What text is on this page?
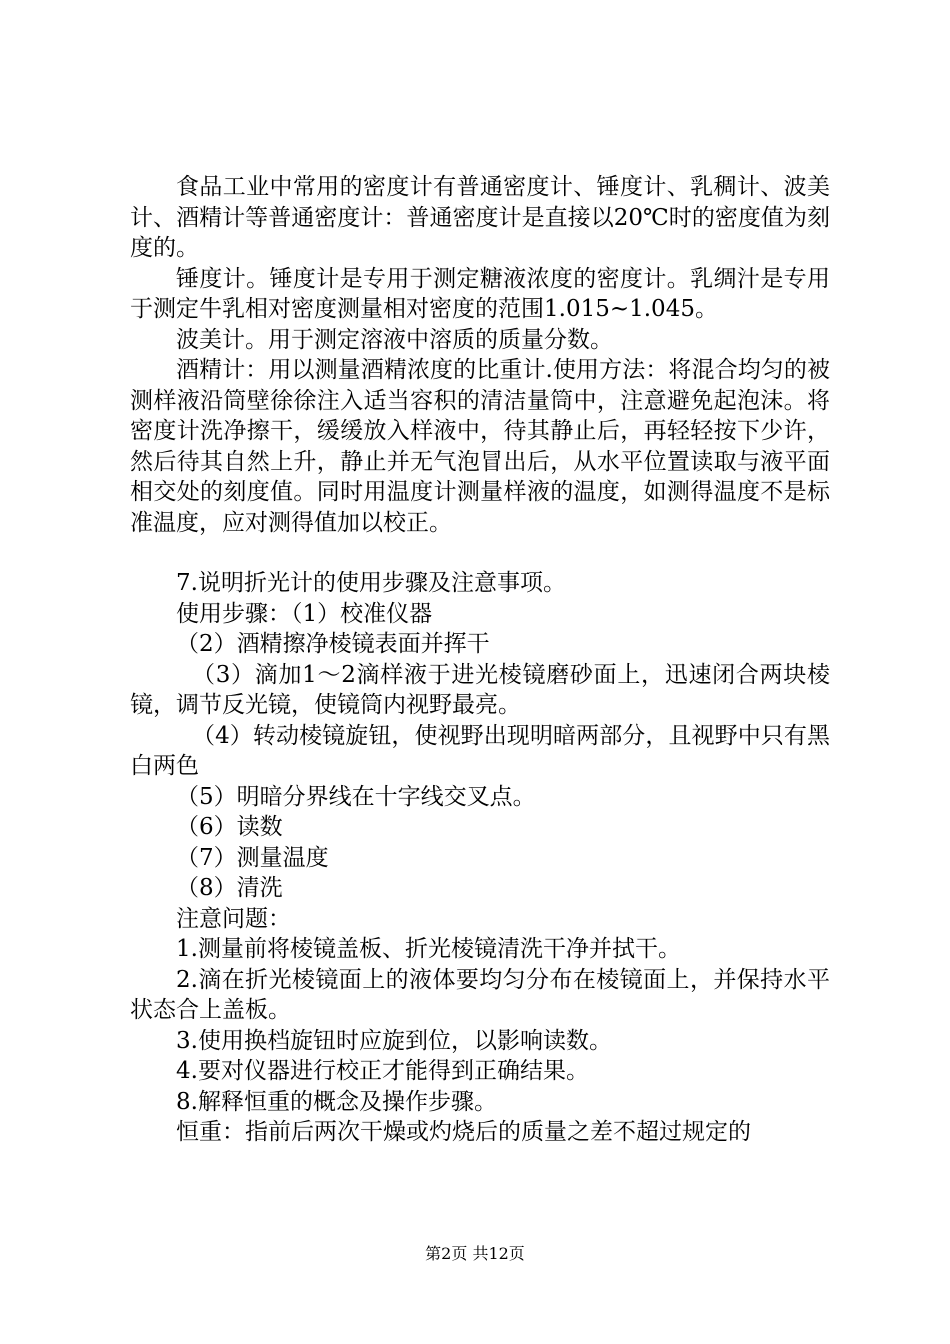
食品工业中常用的密度计有普通密度计、锤度计、乳稠计、波美计、酒精计等普通密度计：普通密度计是直接以20℃时的密度值为刻度的。

锤度计。锤度计是专用于测定糖液浓度的密度计。乳绸汁是专用于测定牛乳相对密度测量相对密度的范围1.015~1.045。

波美计。用于测定溶液中溶质的质量分数。

酒精计：用以测量酒精浓度的比重计.使用方法：将混合均匀的被测样液沿筒壁徐徐注入适当容积的清洁量筒中，注意避免起泡沫。将密度计洗净擦干，缓缓放入样液中，待其静止后，再轻轻按下少许，然后待其自然上升，静止并无气泡冒出后，从水平位置读取与液平面相交处的刻度值。同时用温度计测量样液的温度，如测得温度不是标准温度，应对测得值加以校正。

7.说明折光计的使用步骤及注意事项。

使用步骤：（1）校准仪器

（2）酒精擦净棱镜表面并挥干

（3）滴加1～2滴样液于进光棱镜磨砂面上，迅速闭合两块棱镜，调节反光镜，使镜筒内视野最亮。

（4）转动棱镜旋钮，使视野出现明暗两部分，且视野中只有黑白两色

（5）明暗分界线在十字线交叉点。

（6）读数

（7）测量温度

（8）清洗

注意问题：

1.测量前将棱镜盖板、折光棱镜清洗干净并拭干。

2.滴在折光棱镜面上的液体要均匀分布在棱镜面上，并保持水平状态合上盖板。

3.使用换档旋钮时应旋到位，以影响读数。

4.要对仪器进行校正才能得到正确结果。

8.解释恒重的概念及操作步骤。

恒重：指前后两次干燥或灼烧后的质量之差不超过规定的

第2页 共12页
